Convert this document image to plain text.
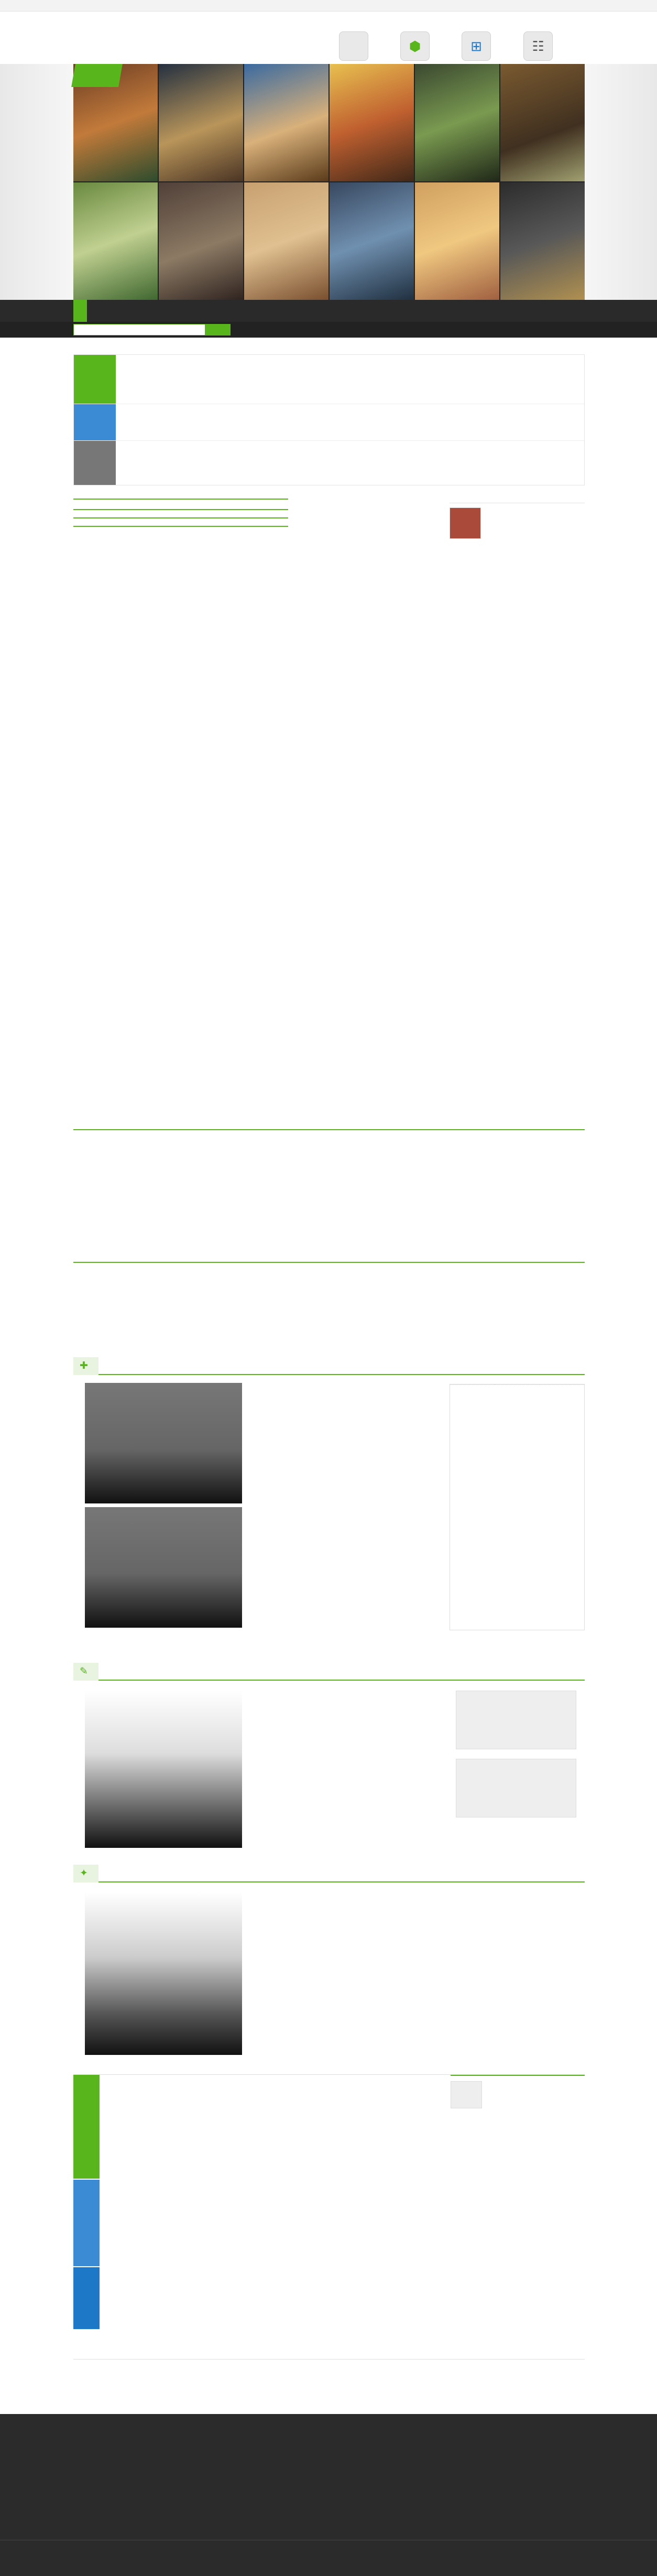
⬢	⊞	☷
✚

✎
✦
